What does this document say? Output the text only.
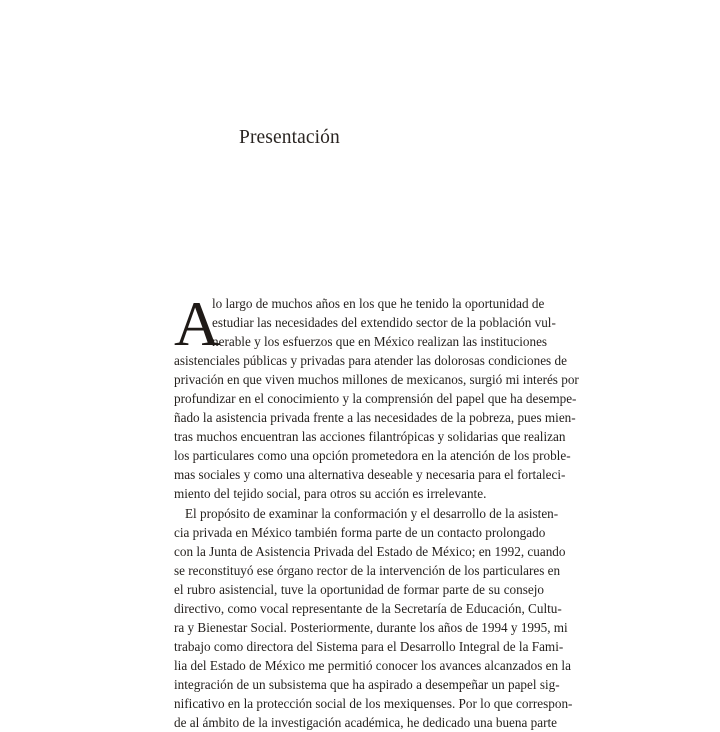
Presentación
A
lo largo de muchos años en los que he tenido la oportunidad de
estudiar las necesidades del extendido sector de la población vul-
nerable y los esfuerzos que en México realizan las instituciones
asistenciales públicas y privadas para atender las dolorosas condiciones de
privación en que viven muchos millones de mexicanos, surgió mi interés por
profundizar en el conocimiento y la comprensión del papel que ha desempe-
ñado la asistencia privada frente a las necesidades de la pobreza, pues mien-
tras muchos encuentran las acciones filantrópicas y solidarias que realizan
los particulares como una opción prometedora en la atención de los proble-
mas sociales y como una alternativa deseable y necesaria para el fortaleci-
miento del tejido social, para otros su acción es irrelevante.
El propósito de examinar la conformación y el desarrollo de la asisten-
cia privada en México también forma parte de un contacto prolongado
con la Junta de Asistencia Privada del Estado de México; en 1992, cuando
se reconstituyó ese órgano rector de la intervención de los particulares en
el rubro asistencial, tuve la oportunidad de formar parte de su consejo
directivo, como vocal representante de la Secretaría de Educación, Cultu-
ra y Bienestar Social. Posteriormente, durante los años de 1994 y 1995, mi
trabajo como directora del Sistema para el Desarrollo Integral de la Fami-
lia del Estado de México me permitió conocer los avances alcanzados en la
integración de un subsistema que ha aspirado a desempeñar un papel sig-
nificativo en la protección social de los mexiquenses. Por lo que correspon-
de al ámbito de la investigación académica, he dedicado una buena parte
